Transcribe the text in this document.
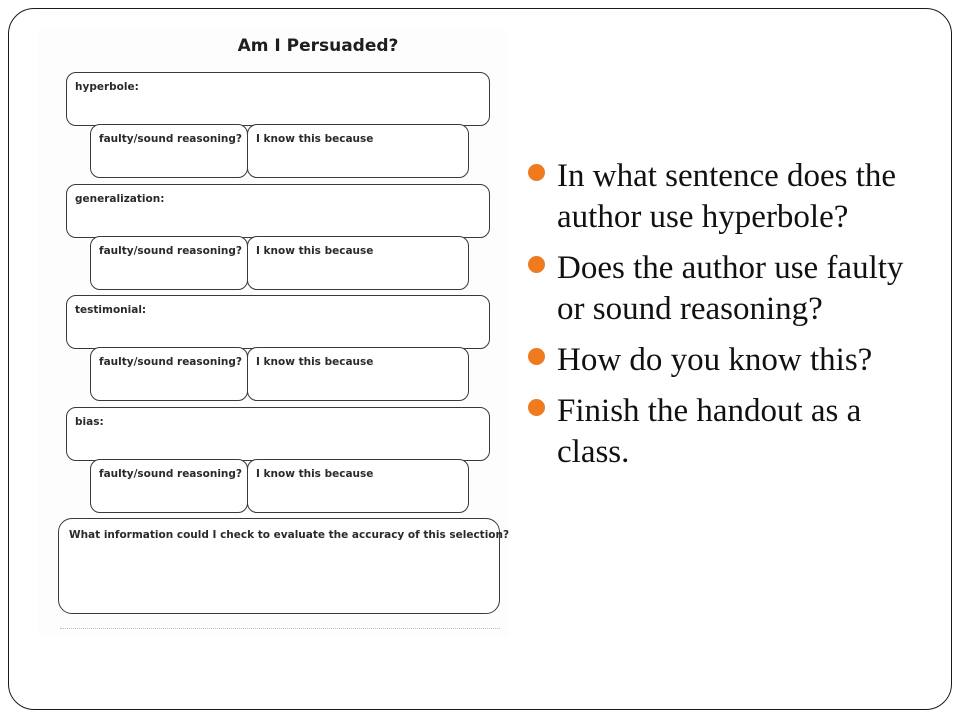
Am I Persuaded?
hyperbole:
faulty/sound reasoning? I know this because
generalization:
faulty/sound reasoning? I know this because
testimonial:
faulty/sound reasoning? I know this because
bias:
faulty/sound reasoning? I know this because
What information could I check to evaluate the accuracy of this selection?
In what sentence does the author use hyperbole?
Does the author use faulty or sound reasoning?
How do you know this?
Finish the handout as a class.
